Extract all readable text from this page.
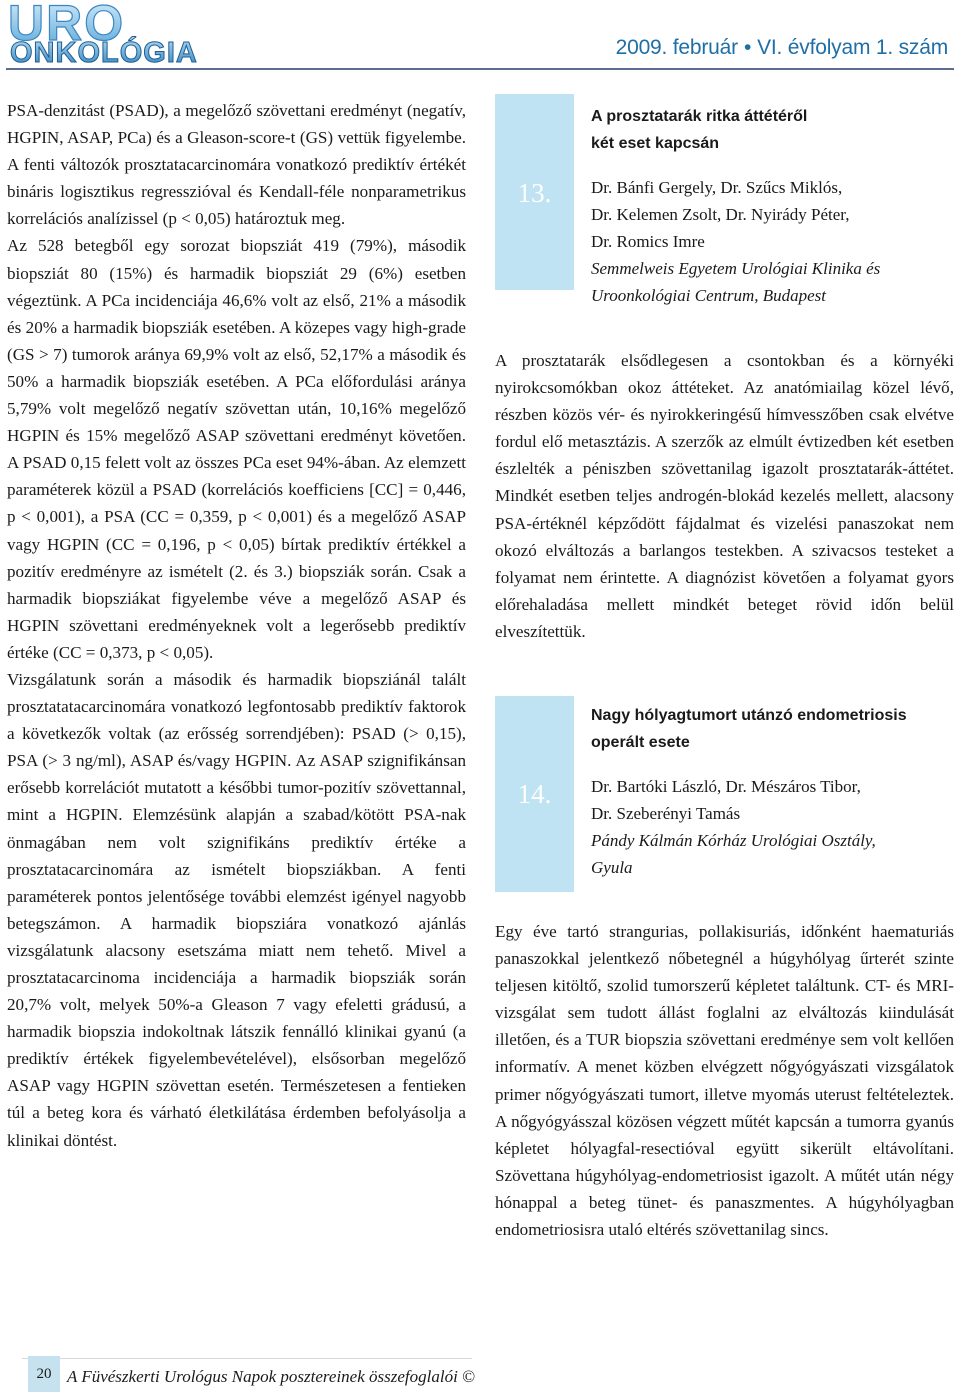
URO
ONKOLÓGIA	2009. február • VI. évfolyam 1. szám

PSA-denzitást (PSAD), a megelőző szövettani eredményt (negatív, HGPIN, ASAP, PCa) és a Gleason-score-t (GS) vettük figyelembe. A fenti változók prosztatacarcinomára vonatkozó prediktív értékét bináris logisztikus regresszióval és Kendall-féle nonparametrikus korrelációs analízissel (p < 0,05) határoztuk meg.

Az 528 betegből egy sorozat biopsziát 419 (79%), második biopsziát 80 (15%) és harmadik biopsziát 29 (6%) esetben végeztünk. A PCa incidenciája 46,6% volt az első, 21% a második és 20% a harmadik biopsziák esetében. A közepes vagy high-grade (GS > 7) tumorok aránya 69,9% volt az első, 52,17% a második és 50% a harmadik biopsziák esetében. A PCa előfordulási aránya 5,79% volt megelőző negatív szövettan után, 10,16% megelőző HGPIN és 15% megelőző ASAP szövettani eredményt követően. A PSAD 0,15 felett volt az összes PCa eset 94%-ában. Az elemzett paraméterek közül a PSAD (korrelációs koefficiens [CC] = 0,446, p < 0,001), a PSA (CC = 0,359, p < 0,001) és a megelőző ASAP vagy HGPIN (CC = 0,196, p < 0,05) bírtak prediktív értékkel a pozitív eredményre az ismételt (2. és 3.) biopsziák során. Csak a harmadik biopsziákat figyelembe véve a megelőző ASAP és HGPIN szövettani eredményeknek volt a legerősebb prediktív értéke (CC = 0,373, p < 0,05).

Vizsgálatunk során a második és harmadik biopsziánál talált prosztatatacarcinomára vonatkozó legfontosabb prediktív faktorok a következők voltak (az erősség sorrendjében): PSAD (> 0,15), PSA (> 3 ng/ml), ASAP és/vagy HGPIN. Az ASAP szignifikánsan erősebb korrelációt mutatott a későbbi tumor-pozitív szövettannal, mint a HGPIN. Elemzésünk alapján a szabad/kötött PSA-nak önmagában nem volt szignifikáns prediktív értéke a prosztatacarcinomára az ismételt biopsziákban. A fenti paraméterek pontos jelentősége további elemzést igényel nagyobb betegszámon. A harmadik biopsziára vonatkozó ajánlás vizsgálatunk alacsony esetszáma miatt nem tehető. Mivel a prosztatacarcinoma incidenciája a harmadik biopsziák során 20,7% volt, melyek 50%-a Gleason 7 vagy efeletti grádusú, a harmadik biopszia indokoltnak látszik fennálló klinikai gyanú (a prediktív értékek figyelembevételével), elsősorban megelőző ASAP vagy HGPIN szövettan esetén. Természetesen a fentieken túl a beteg kora és várható életkilátása érdemben befolyásolja a klinikai döntést.

13.
A prosztatarák ritka áttétéről
két eset kapcsán
Dr. Bánfi Gergely, Dr. Szűcs Miklós,
Dr. Kelemen Zsolt, Dr. Nyirády Péter,
Dr. Romics Imre
Semmelweis Egyetem Urológiai Klinika és
Uroonkológiai Centrum, Budapest

A prosztatarák elsődlegesen a csontokban és a környéki nyirokcsomókban okoz áttéteket. Az anatómiailag közel lévő, részben közös vér- és nyirokkeringésű hímvesszőben csak elvétve fordul elő metasztázis. A szerzők az elmúlt évtizedben két esetben észlelték a péniszben szövettanilag igazolt prosztatarák-áttétet. Mindkét esetben teljes androgén-blokád kezelés mellett, alacsony PSA-értéknél képződött fájdalmat és vizelési panaszokat nem okozó elváltozás a barlangos testekben. A szivacsos testeket a folyamat nem érintette. A diagnózist követően a folyamat gyors előrehaladása mellett mindkét beteget rövid időn belül elveszítettük.

14.
Nagy hólyagtumort utánzó endometriosis
operált esete
Dr. Bartóki László, Dr. Mészáros Tibor,
Dr. Szeberényi Tamás
Pándy Kálmán Kórház Urológiai Osztály,
Gyula

Egy éve tartó strangurias, pollakisuriás, időnként haematuriás panaszokkal jelentkező nőbetegnél a húgyhólyag űrterét szinte teljesen kitöltő, szolid tumorszerű képletet találtunk. CT- és MRI-vizsgálat sem tudott állást foglalni az elváltozás kiindulását illetően, és a TUR biopszia szövettani eredménye sem volt kellően informatív. A menet közben elvégzett nőgyógyászati vizsgálatok primer nőgyógyászati tumort, illetve myomás uterust feltételeztek. A nőgyógyásszal közösen végzett műtét kapcsán a tumorra gyanús képletet hólyagfal-resectióval együtt sikerült eltávolítani. Szövettana húgyhólyag-endometriosist igazolt. A műtét után négy hónappal a beteg tünet- és panaszmentes. A húgyhólyagban endometriosisra utaló eltérés szövettanilag sincs.

20 A Füvészkerti Urológus Napok posztereinek összefoglalói ©
